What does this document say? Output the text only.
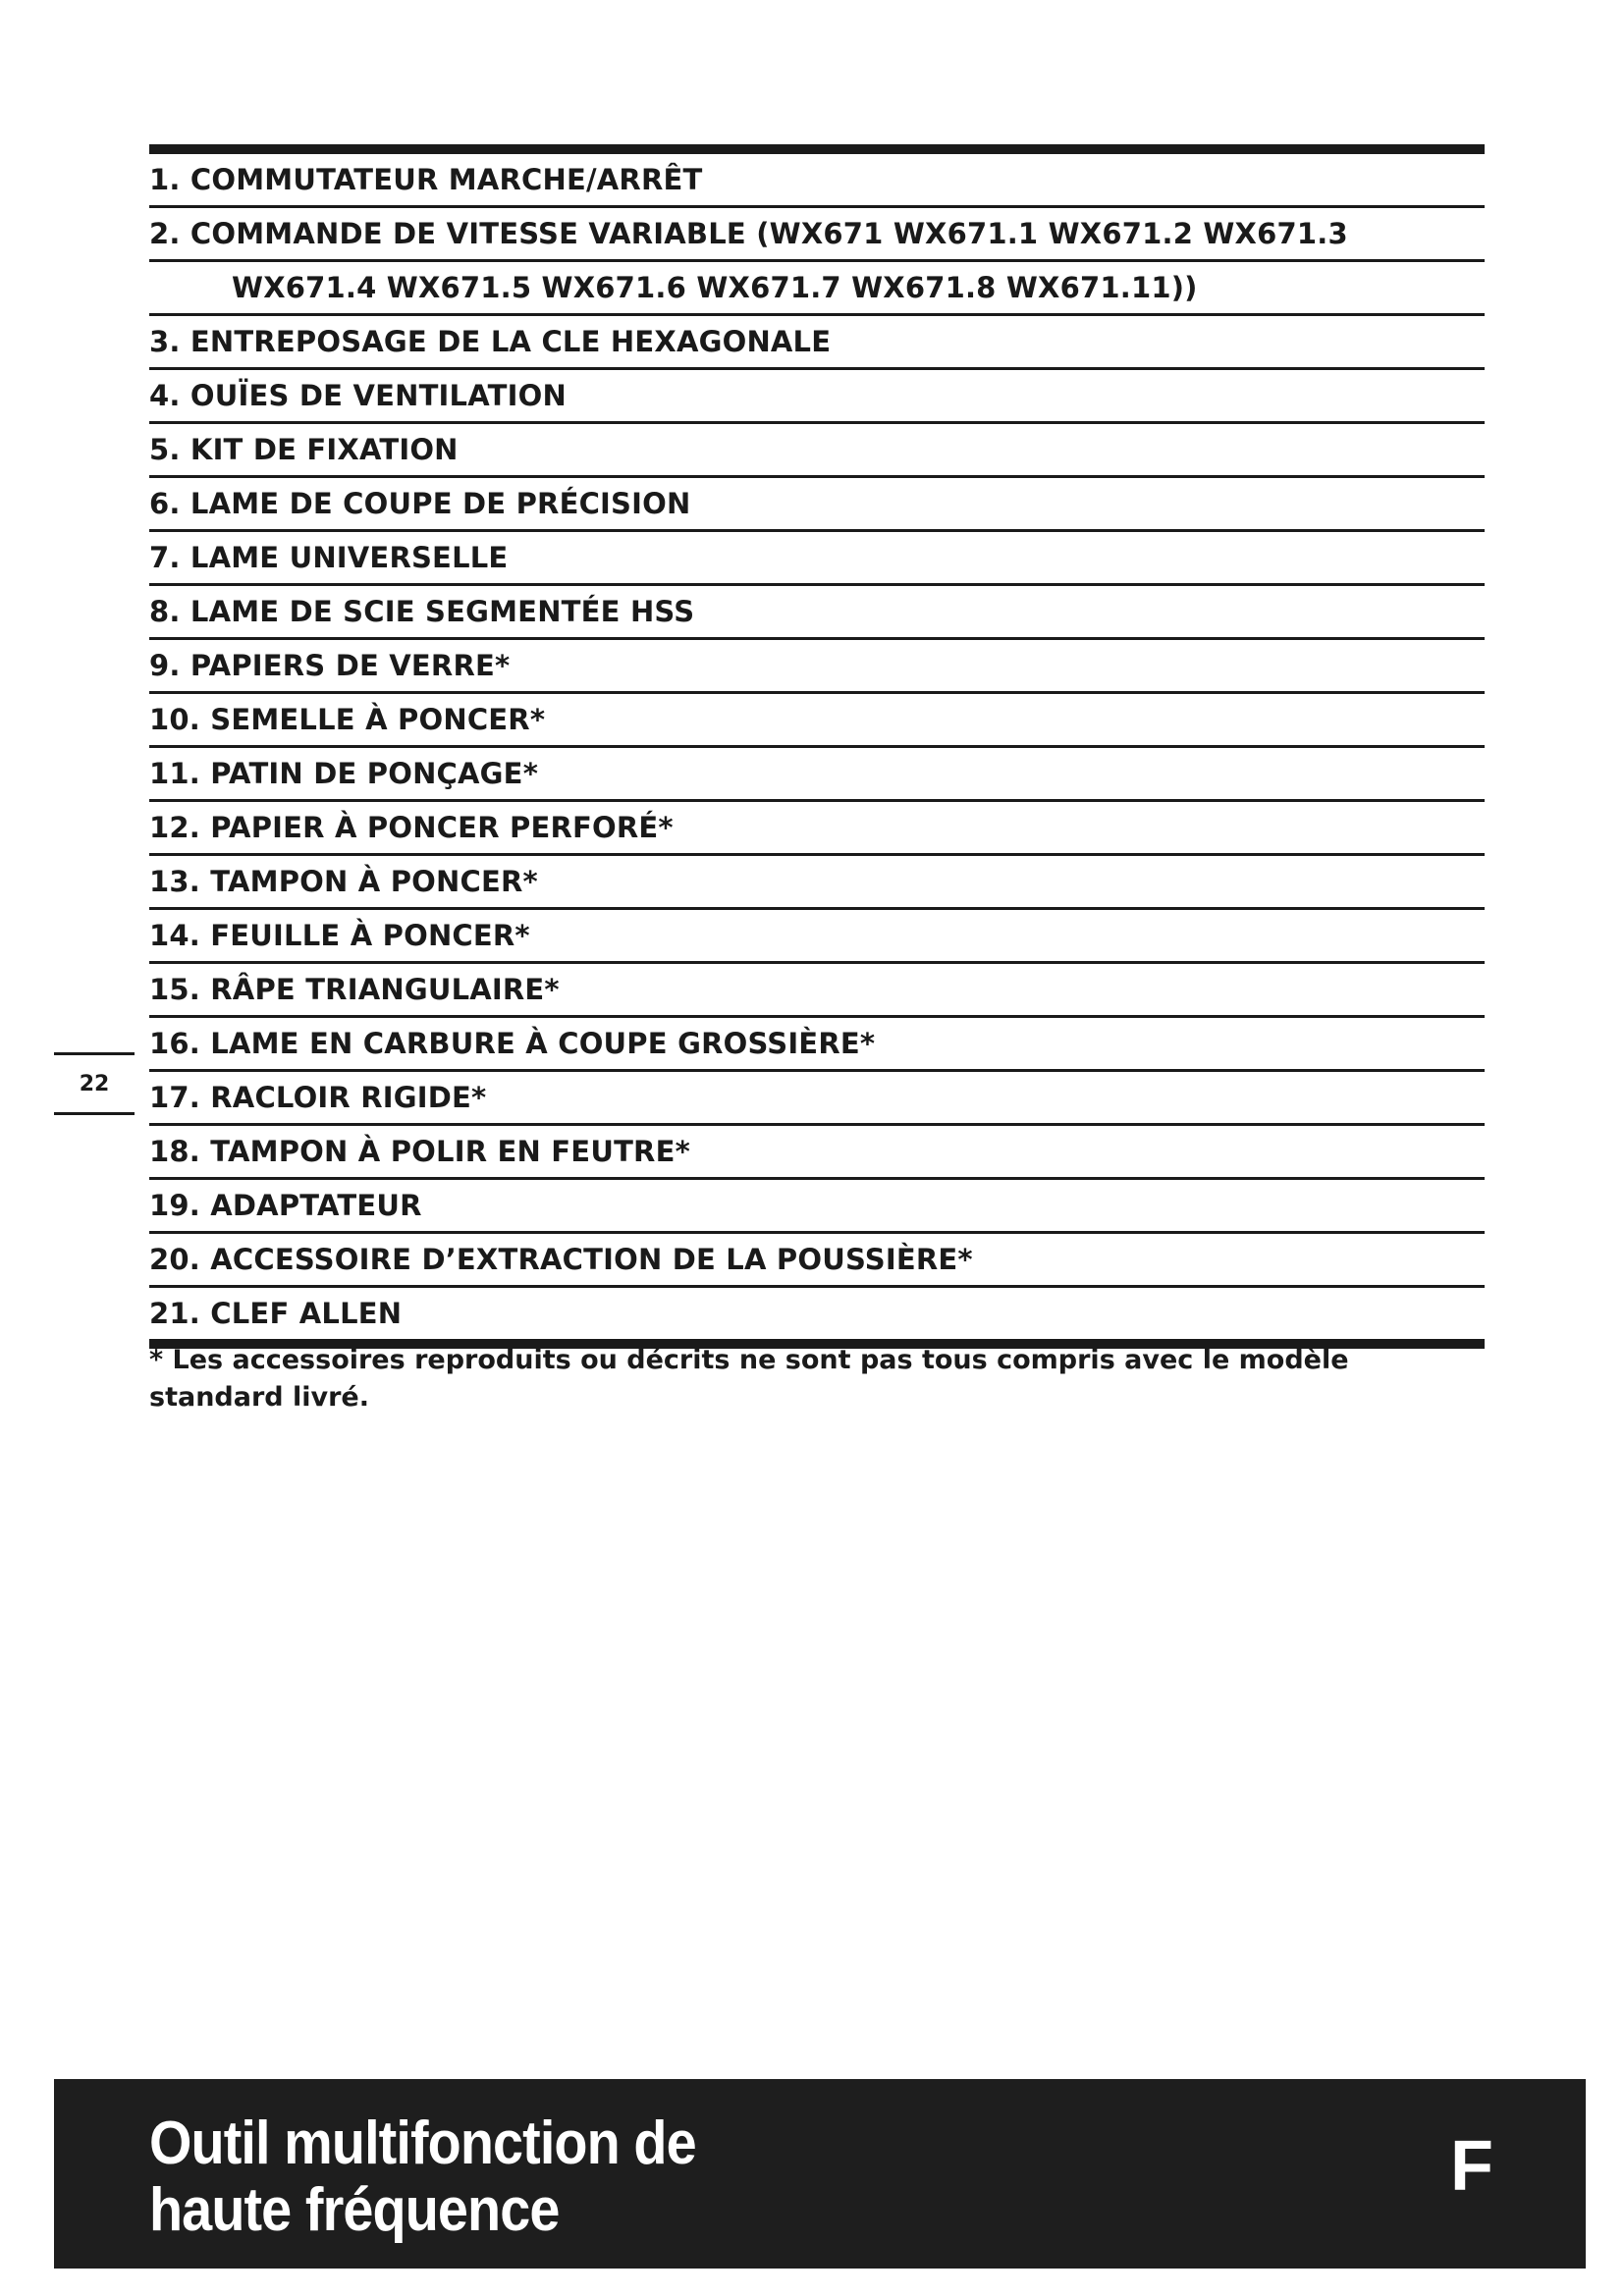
1. COMMUTATEUR MARCHE/ARRÊT
2. COMMANDE DE VITESSE VARIABLE (WX671 WX671.1 WX671.2 WX671.3
WX671.4 WX671.5 WX671.6 WX671.7 WX671.8 WX671.11))
3. ENTREPOSAGE DE LA CLE HEXAGONALE
4. OUÏES DE VENTILATION
5. KIT DE FIXATION
6. LAME DE COUPE DE PRÉCISION
7. LAME UNIVERSELLE
8. LAME DE SCIE SEGMENTÉE HSS
9. PAPIERS DE VERRE*
10. SEMELLE À PONCER*
11. PATIN DE PONÇAGE*
12. PAPIER À PONCER PERFORÉ*
13. TAMPON À PONCER*
14. FEUILLE À PONCER*
15. RÂPE TRIANGULAIRE*
16. LAME EN CARBURE À COUPE GROSSIÈRE*
17. RACLOIR RIGIDE*
18. TAMPON À POLIR EN FEUTRE*
19. ADAPTATEUR
20. ACCESSOIRE D’EXTRACTION DE LA POUSSIÈRE*
21. CLEF ALLEN
* Les accessoires reproduits ou décrits ne sont pas tous compris avec le modèle
standard livré.
22
Outil multifonction de
haute fréquence
F
